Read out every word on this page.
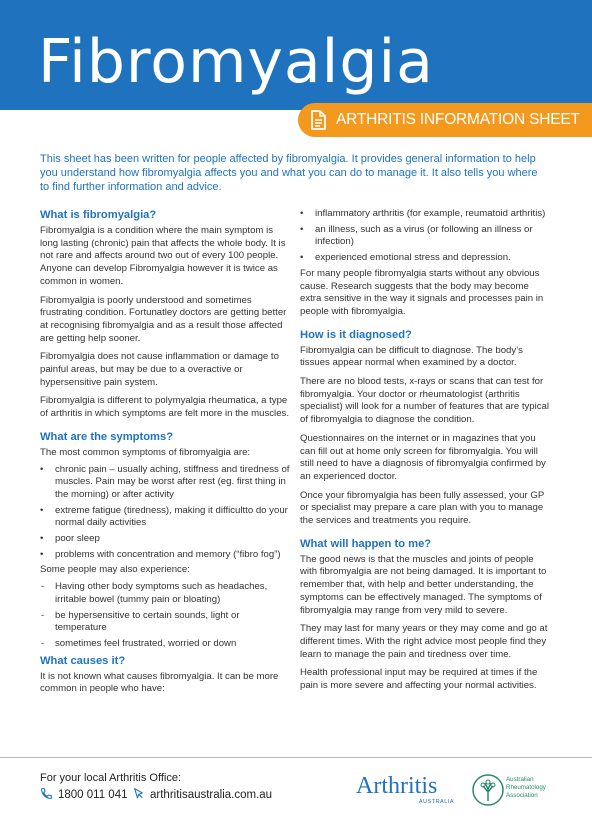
Fibromyalgia
ARTHRITIS INFORMATION SHEET
This sheet has been written for people affected by fibromyalgia. It provides general information to help you understand how fibromyalgia affects you and what you can do to manage it. It also tells you where to find further information and advice.
What is fibromyalgia?

Fibromyalgia is a condition where the main symptom is long lasting (chronic) pain that affects the whole body. It is not rare and affects around two out of every 100 people. Anyone can develop Fibromyalgia however it is twice as common in women.

Fibromyalgia is poorly understood and sometimes frustrating condition. Fortunatley doctors are getting better at recognising fibromyalgia and as a result those affected are getting help sooner.

Fibromyalgia does not cause inflammation or damage to painful areas, but may be due to a overactive or hypersensitive pain system.

Fibromyalgia is different to polymyalgia rheumatica, a type of arthritis in which symptoms are felt more in the muscles.

What are the symptoms?

The most common symptoms of fibromyalgia are:

• chronic pain – usually aching, stiffness and tiredness of muscles. Pain may be worst after rest (eg. first thing in the morning) or after activity
• extreme fatigue (tiredness), making it difficultto do your normal daily activities
• poor sleep
• problems with concentration and memory (“fibro fog”)

Some people may also experience:

- Having other body symptoms such as headaches, irritable bowel (tummy pain or bloating)
- be hypersensitive to certain sounds, light or temperature
- sometimes feel frustrated, worried or down
What causes it?

It is not known what causes fibromyalgia. It can be more common in people who have:

• inflammatory arthritis (for example, reumatoid arthritis)
• an illness, such as a virus (or following an illness or infection)
• experienced emotional stress and depression.

For many people fibromyalgia starts without any obvious cause. Research suggests that the body may become extra sensitive in the way it signals and processes pain in people with fibromyalgia.

How is it diagnosed?

Fibromyalgia can be difficult to diagnose. The body’s tissues appear normal when examined by a doctor.

There are no blood tests, x-rays or scans that can test for fibromyalgia. Your doctor or rheumatologist (arthritis specialist) will look for a number of features that are typical of fibromyalgia to diagnose the condition.

Questionnaires on the internet or in magazines that you can fill out at home only screen for fibromyalgia. You will still need to have a diagnosis of fibromyalgia confirmed by an experienced doctor.

Once your fibromyalgia has been fully assessed, your GP or specialist may prepare a care plan with you to manage the services and treatments you require.

What will happen to me?

The good news is that the muscles and joints of people with fibromyalgia are not being damaged. It is important to remember that, with help and better understanding, the symptoms can be effectively managed. The symptoms of fibromyalgia may range from very mild to severe.

They may last for many years or they may come and go at different times. With the right advice most people find they learn to manage the pain and tiredness over time.

Health professional input may be required at times if the pain is more severe and affecting your normal activities.

For your local Arthritis Office:
1800 011 041 arthritisaustralia.com.au	Arthritis
AUSTRALIA
Australian
Rheumatology
Association
